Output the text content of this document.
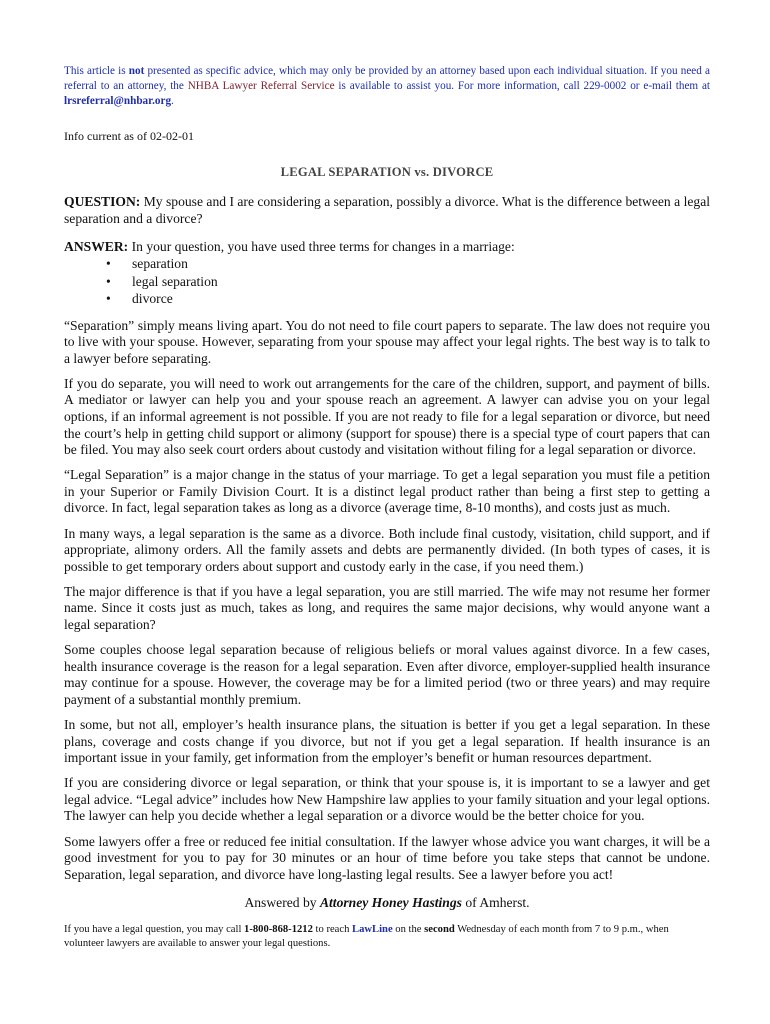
This article is not presented as specific advice, which may only be provided by an attorney based upon each individual situation. If you need a referral to an attorney, the NHBA Lawyer Referral Service is available to assist you. For more information, call 229-0002 or e-mail them at lrsreferral@nhbar.org.

Info current as of 02-02-01

LEGAL SEPARATION vs. DIVORCE

QUESTION: My spouse and I are considering a separation, possibly a divorce. What is the difference between a legal separation and a divorce?

ANSWER: In your question, you have used three terms for changes in a marriage:

• separation
• legal separation
• divorce

“Separation” simply means living apart. You do not need to file court papers to separate. The law does not require you to live with your spouse. However, separating from your spouse may affect your legal rights. The best way is to talk to a lawyer before separating.

If you do separate, you will need to work out arrangements for the care of the children, support, and payment of bills. A mediator or lawyer can help you and your spouse reach an agreement. A lawyer can advise you on your legal options, if an informal agreement is not possible. If you are not ready to file for a legal separation or divorce, but need the court’s help in getting child support or alimony (support for spouse) there is a special type of court papers that can be filed. You may also seek court orders about custody and visitation without filing for a legal separation or divorce.

“Legal Separation” is a major change in the status of your marriage. To get a legal separation you must file a petition in your Superior or Family Division Court. It is a distinct legal product rather than being a first step to getting a divorce. In fact, legal separation takes as long as a divorce (average time, 8-10 months), and costs just as much.

In many ways, a legal separation is the same as a divorce. Both include final custody, visitation, child support, and if appropriate, alimony orders. All the family assets and debts are permanently divided. (In both types of cases, it is possible to get temporary orders about support and custody early in the case, if you need them.)

The major difference is that if you have a legal separation, you are still married. The wife may not resume her former name. Since it costs just as much, takes as long, and requires the same major decisions, why would anyone want a legal separation?

Some couples choose legal separation because of religious beliefs or moral values against divorce. In a few cases, health insurance coverage is the reason for a legal separation. Even after divorce, employer-supplied health insurance may continue for a spouse. However, the coverage may be for a limited period (two or three years) and may require payment of a substantial monthly premium.

In some, but not all, employer’s health insurance plans, the situation is better if you get a legal separation. In these plans, coverage and costs change if you divorce, but not if you get a legal separation. If health insurance is an important issue in your family, get information from the employer’s benefit or human resources department.

If you are considering divorce or legal separation, or think that your spouse is, it is important to se a lawyer and get legal advice. “Legal advice” includes how New Hampshire law applies to your family situation and your legal options. The lawyer can help you decide whether a legal separation or a divorce would be the better choice for you.

Some lawyers offer a free or reduced fee initial consultation. If the lawyer whose advice you want charges, it will be a good investment for you to pay for 30 minutes or an hour of time before you take steps that cannot be undone. Separation, legal separation, and divorce have long-lasting legal results. See a lawyer before you act!

Answered by Attorney Honey Hastings of Amherst.

If you have a legal question, you may call 1-800-868-1212 to reach LawLine on the second Wednesday of each month from 7 to 9 p.m., when volunteer lawyers are available to answer your legal questions.
